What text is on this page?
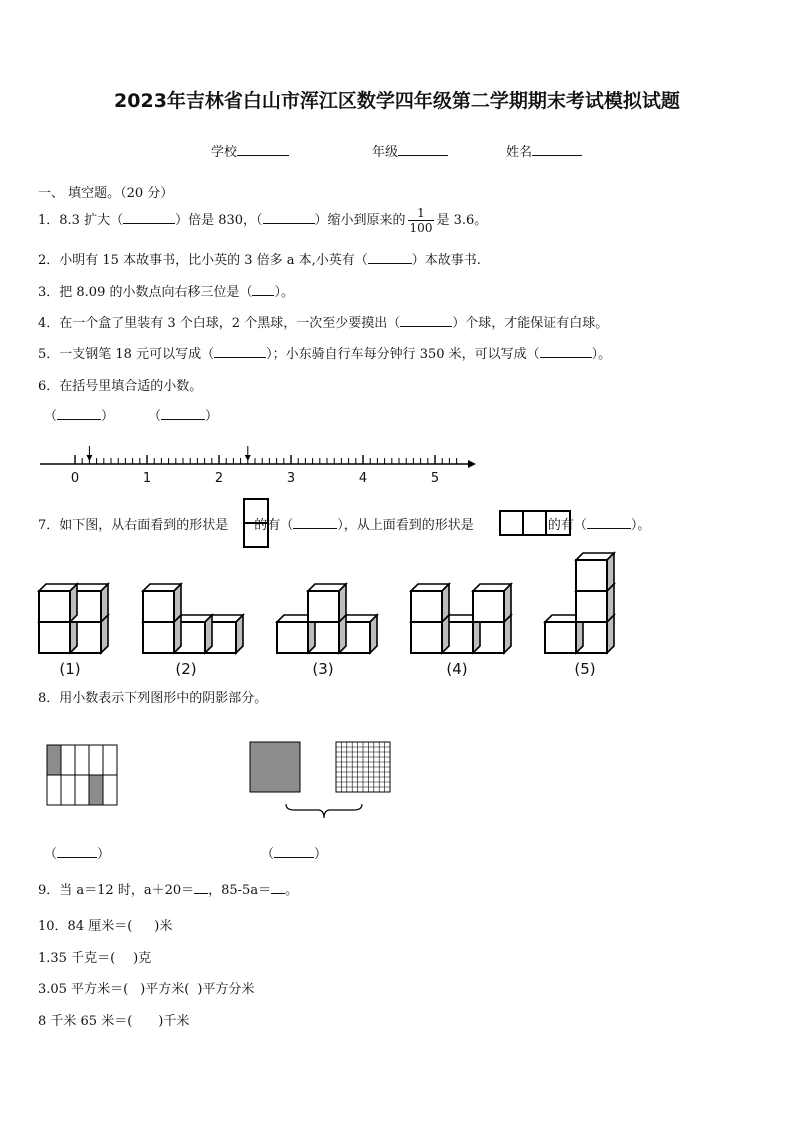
2023年吉林省白山市浑江区数学四年级第二学期期末考试模拟试题
学校	年级	姓名
一、 填空题。（20 分）
1．8.3 扩大（	）倍是 830，（	）缩小到原来的 $\frac{1}{100}$ 是 3.6。
2．小明有 15 本故事书，比小英的 3 倍多 a 本,小英有（	）本故事书.
3．把 8.09 的小数点向右移三位是（ ）。
4．在一个盒了里装有 3 个白球，2 个黑球，一次至少要摸出（	）个球，才能保证有白球。
5．一支钢笔 18 元可以写成（	）；小东骑自行车每分钟行 350 米，可以写成（	）。
6．在括号里填合适的小数。
（	）	（	）
0	1	2	3	4	5
7．如下图，从右面看到的形状是 的有（	），从上面看到的形状是	的有（	）。
(1)	(2)	(3)	(4)	(5)
8．用小数表示下列图形中的阴影部分。
（	）	（	）
9．当 a＝12 时，a＋20＝ ，85-5a＝ 。
10．84 厘米＝( )米
1.35 千克＝( )克
3.05 平方米＝( )平方米( )平方分米
8 千米 65 米＝( )千米
